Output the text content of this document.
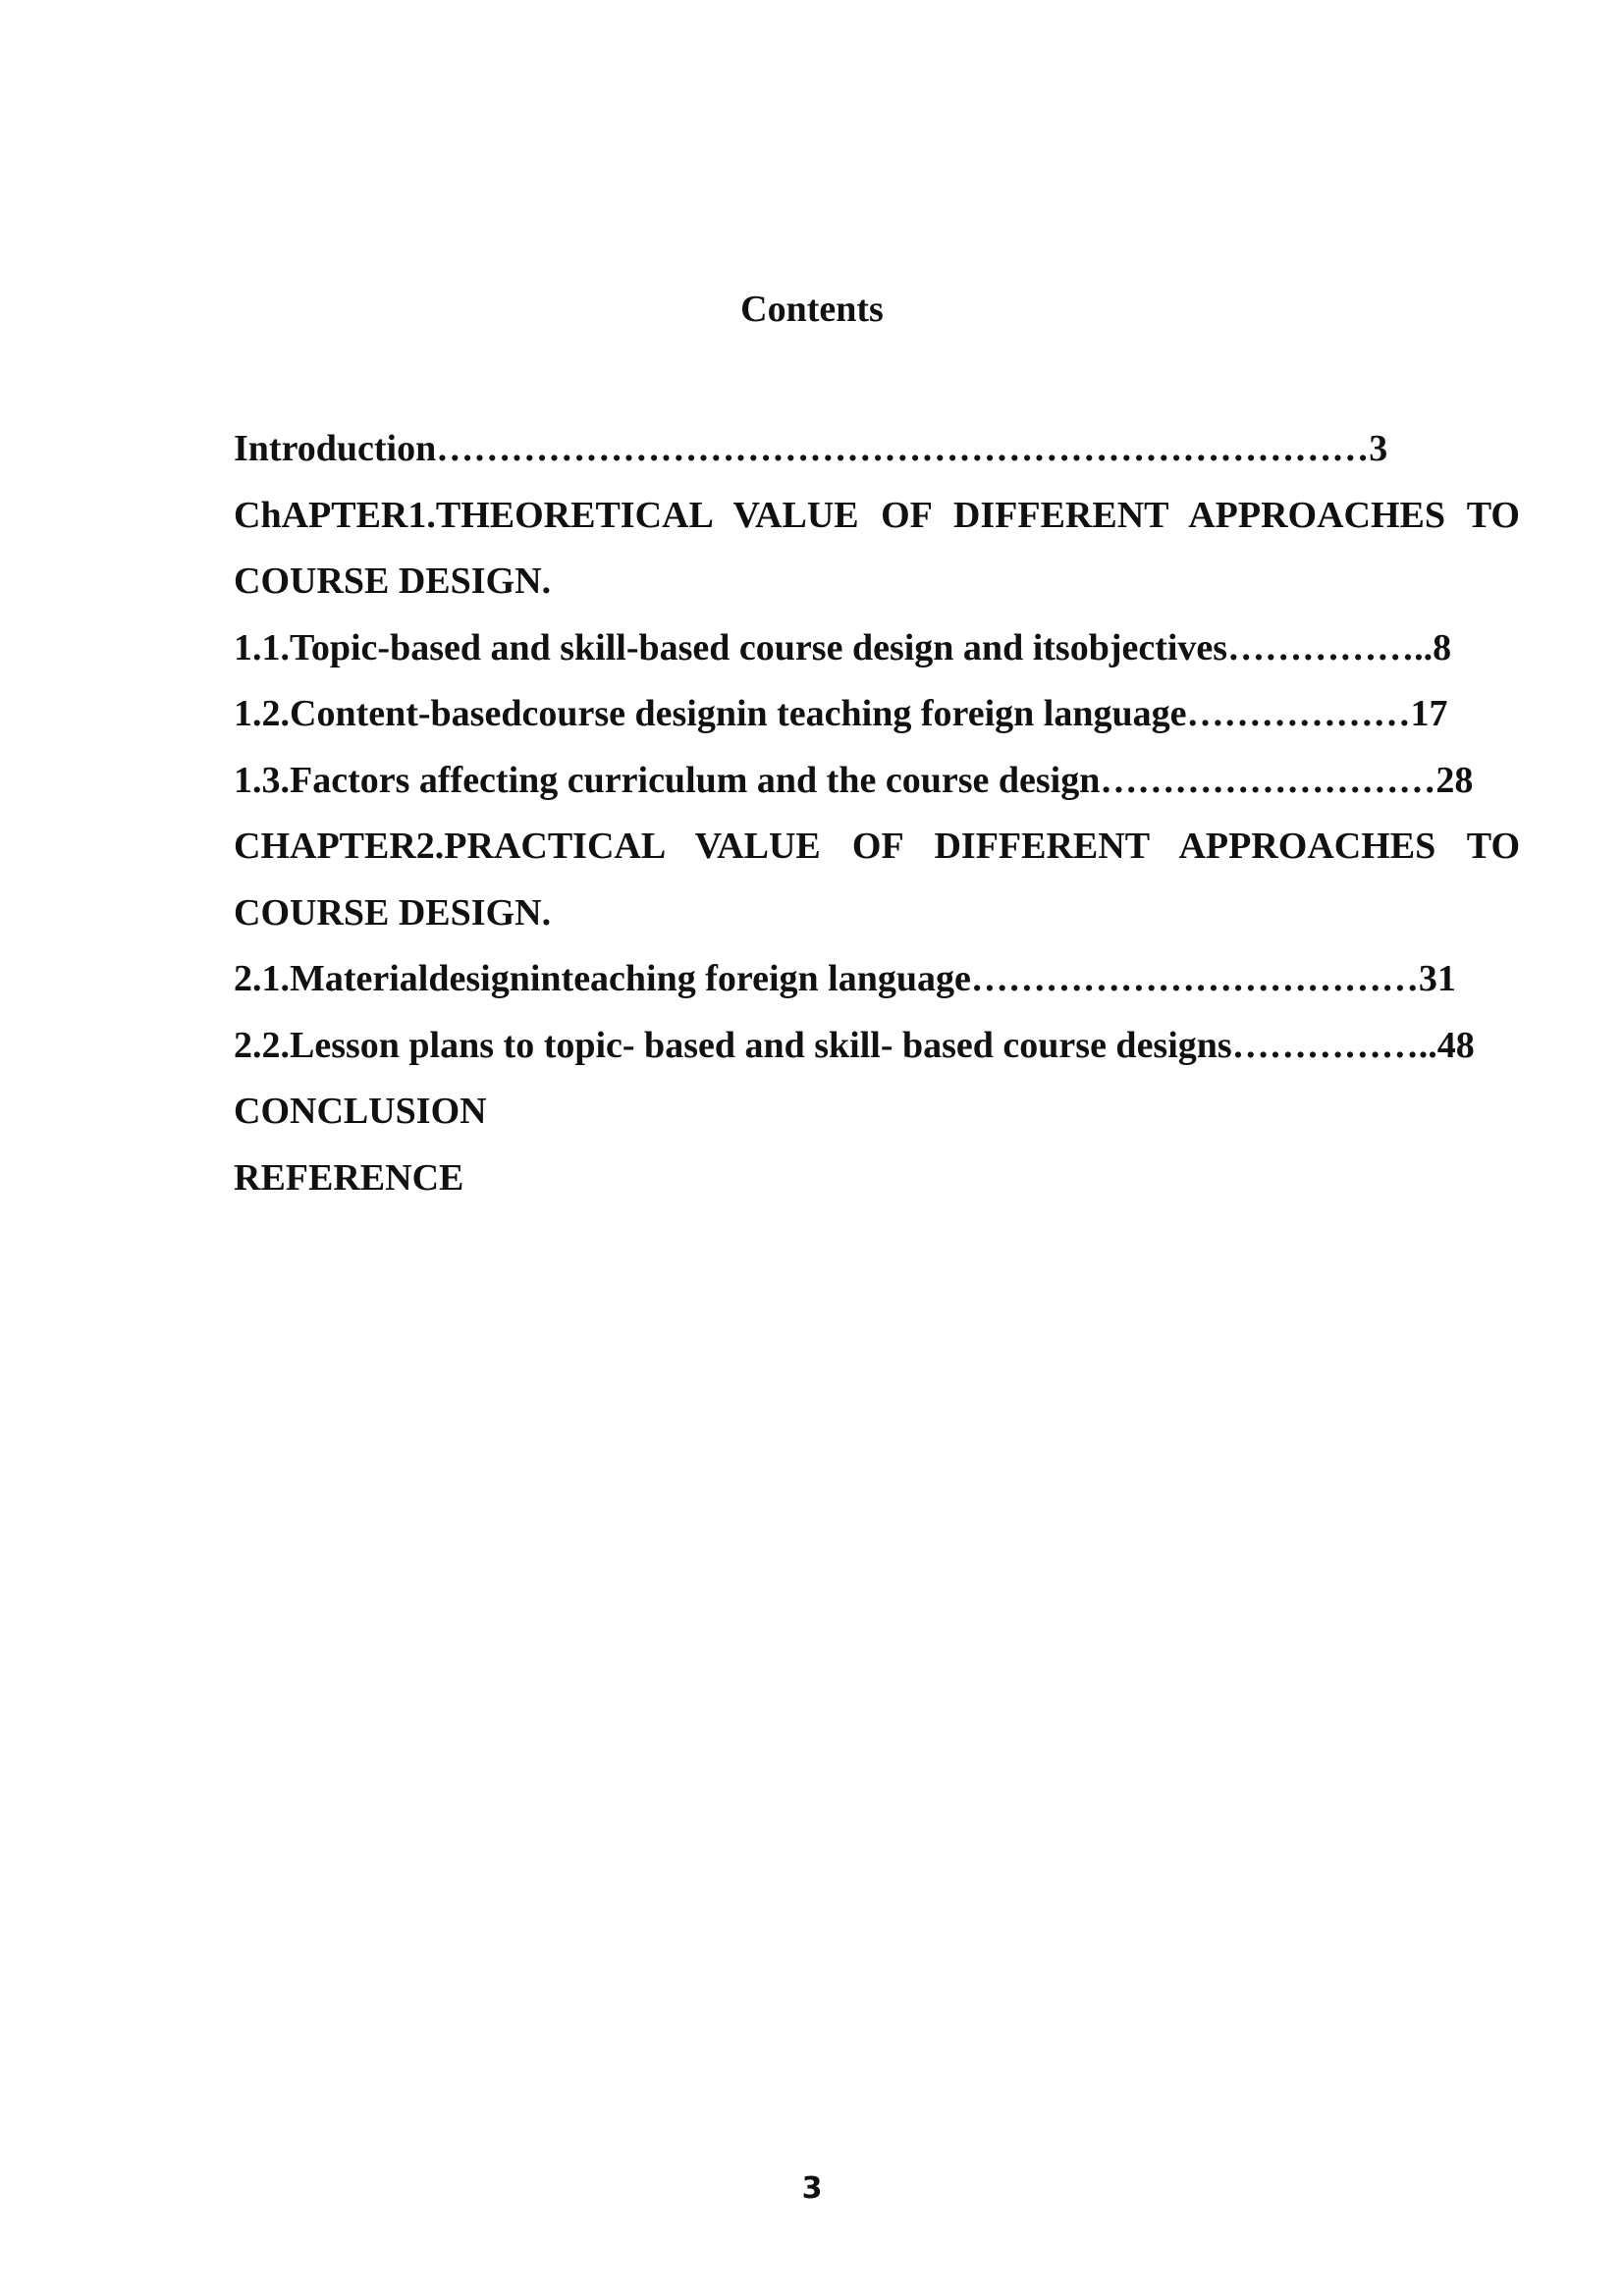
Contents
Introduction…………………………………………………………………3
ChAPTER1.THEORETICAL VALUE OF DIFFERENT APPROACHES TO
COURSE DESIGN.
1.1.Topic-based and skill-based course design and itsobjectives……………..8
1.2.Content-basedcourse designin teaching foreign language………………17
1.3.Factors affecting curriculum and the course design………………………28
CHAPTER2.PRACTICAL VALUE OF DIFFERENT APPROACHES TO
COURSE DESIGN.
2.1.Materialdesigninteaching foreign language………………………………31
2.2.Lesson plans to topic- based and skill- based course designs……………..48
CONCLUSION
REFERENCE
3
